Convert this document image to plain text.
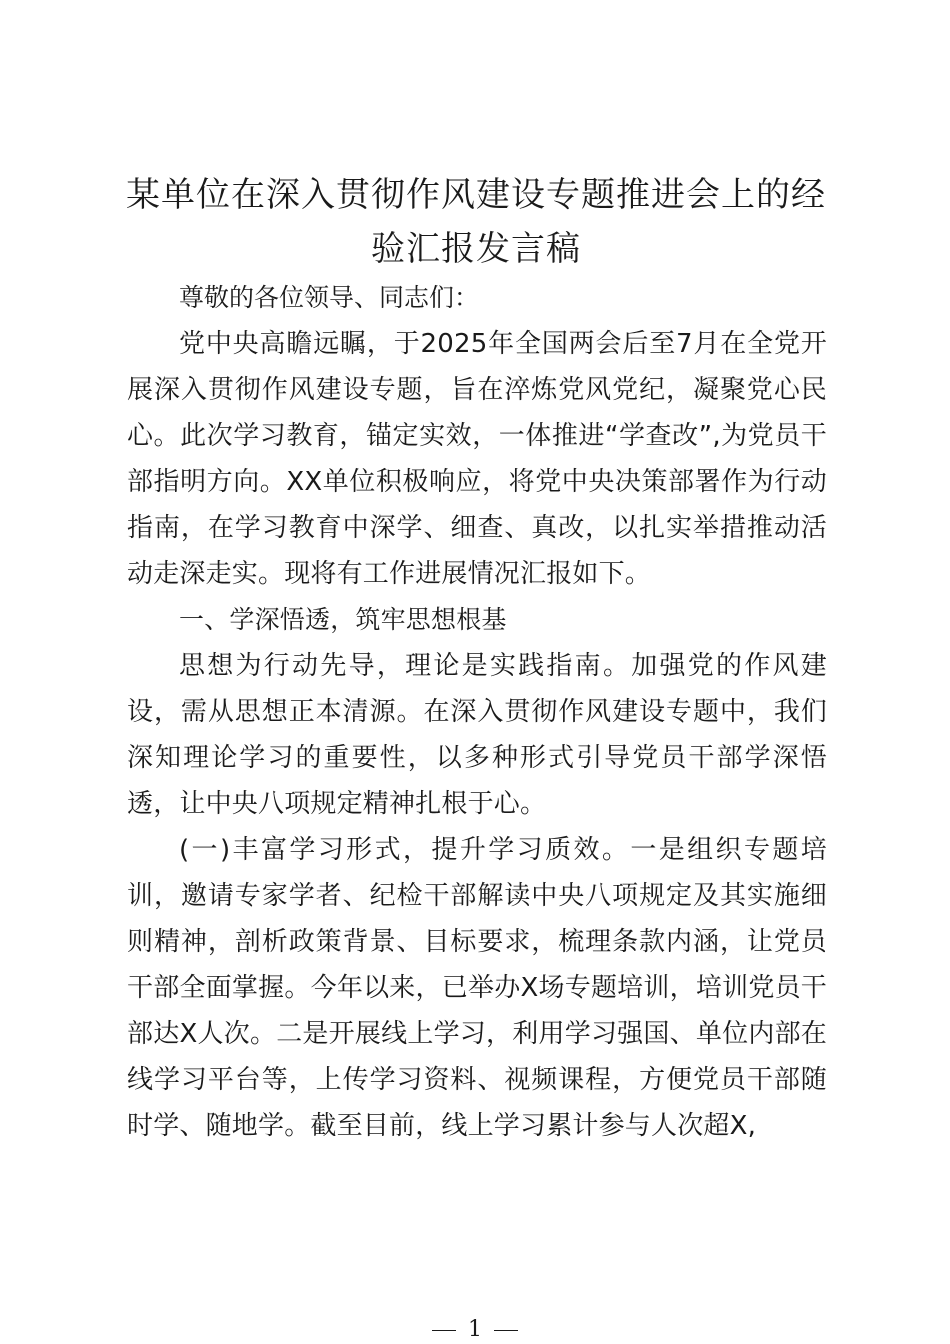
某单位在深入贯彻作风建设专题推进会上的经验汇报发言稿

尊敬的各位领导、同志们：

党中央高瞻远瞩，于2025年全国两会后至7月在全党开展深入贯彻作风建设专题，旨在淬炼党风党纪，凝聚党心民心。此次学习教育，锚定实效，一体推进“学查改”,为党员干部指明方向。XX单位积极响应，将党中央决策部署作为行动指南，在学习教育中深学、细查、真改，以扎实举措推动活动走深走实。现将有工作进展情况汇报如下。

一、学深悟透，筑牢思想根基

思想为行动先导，理论是实践指南。加强党的作风建设，需从思想正本清源。在深入贯彻作风建设专题中，我们深知理论学习的重要性，以多种形式引导党员干部学深悟透，让中央八项规定精神扎根于心。

(一)丰富学习形式，提升学习质效。一是组织专题培训，邀请专家学者、纪检干部解读中央八项规定及其实施细则精神，剖析政策背景、目标要求，梳理条款内涵，让党员干部全面掌握。今年以来，已举办X场专题培训，培训党员干部达X人次。二是开展线上学习，利用学习强国、单位内部在线学习平台等，上传学习资料、视频课程，方便党员干部随时学、随地学。截至目前，线上学习累计参与人次超X,

1
